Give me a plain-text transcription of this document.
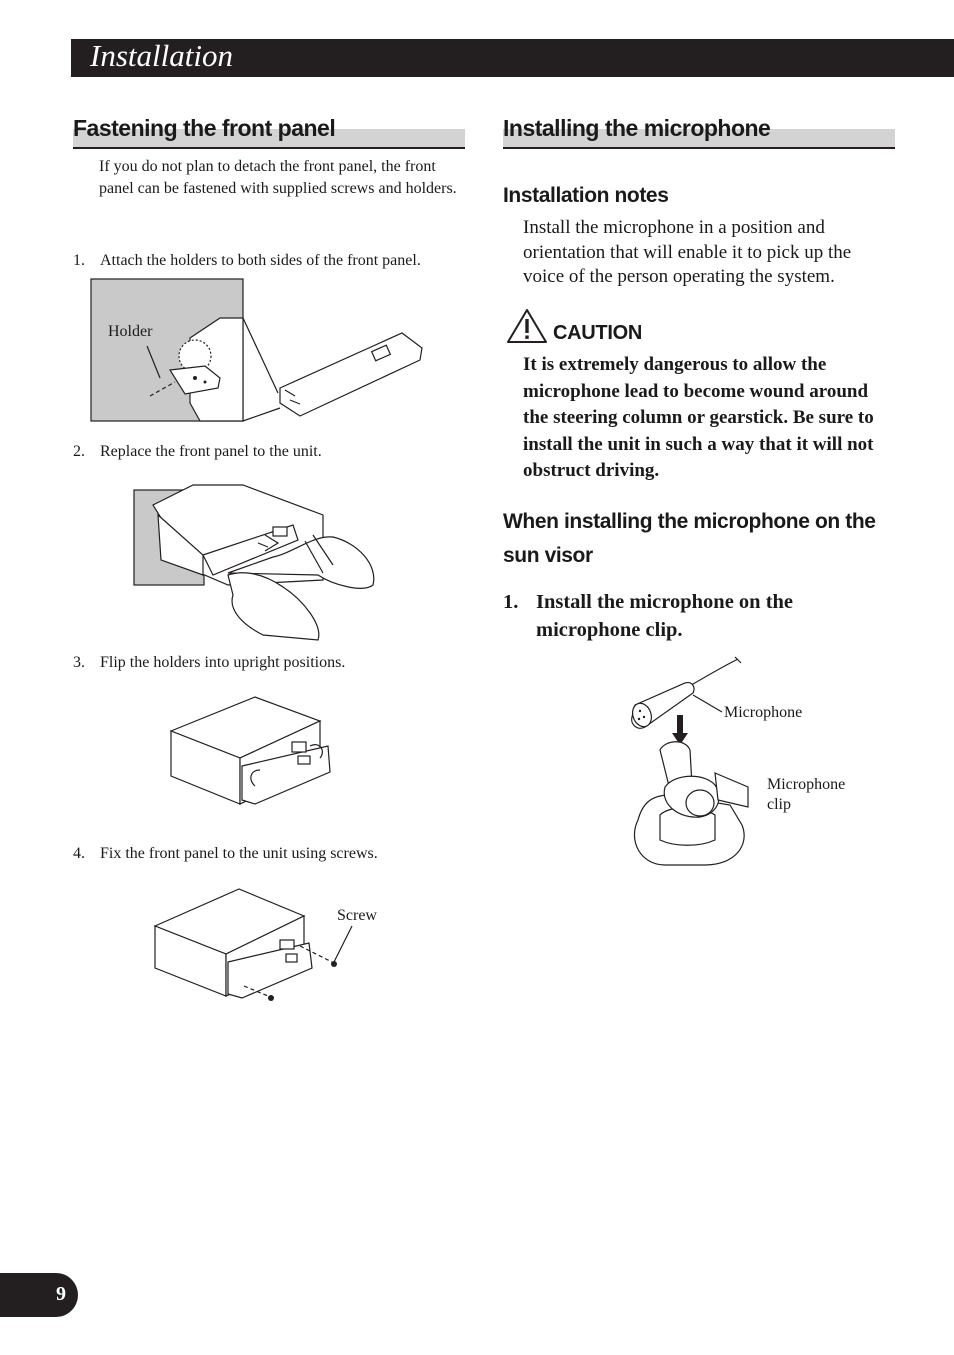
Installation
Fastening the front panel
If you do not plan to detach the front panel, the front panel can be fastened with supplied screws and holders.
1. Attach the holders to both sides of the front panel.
Holder
2. Replace the front panel to the unit.
3. Flip the holders into upright positions.
4. Fix the front panel to the unit using screws.
Screw
Installing the microphone
Installation notes
Install the microphone in a position and orientation that will enable it to pick up the voice of the person operating the system.
CAUTION
It is extremely dangerous to allow the microphone lead to become wound around the steering column or gearstick. Be sure to install the unit in such a way that it will not obstruct driving.
When installing the microphone on the sun visor
1. Install the microphone on the microphone clip.
Microphone
Microphone clip
9
